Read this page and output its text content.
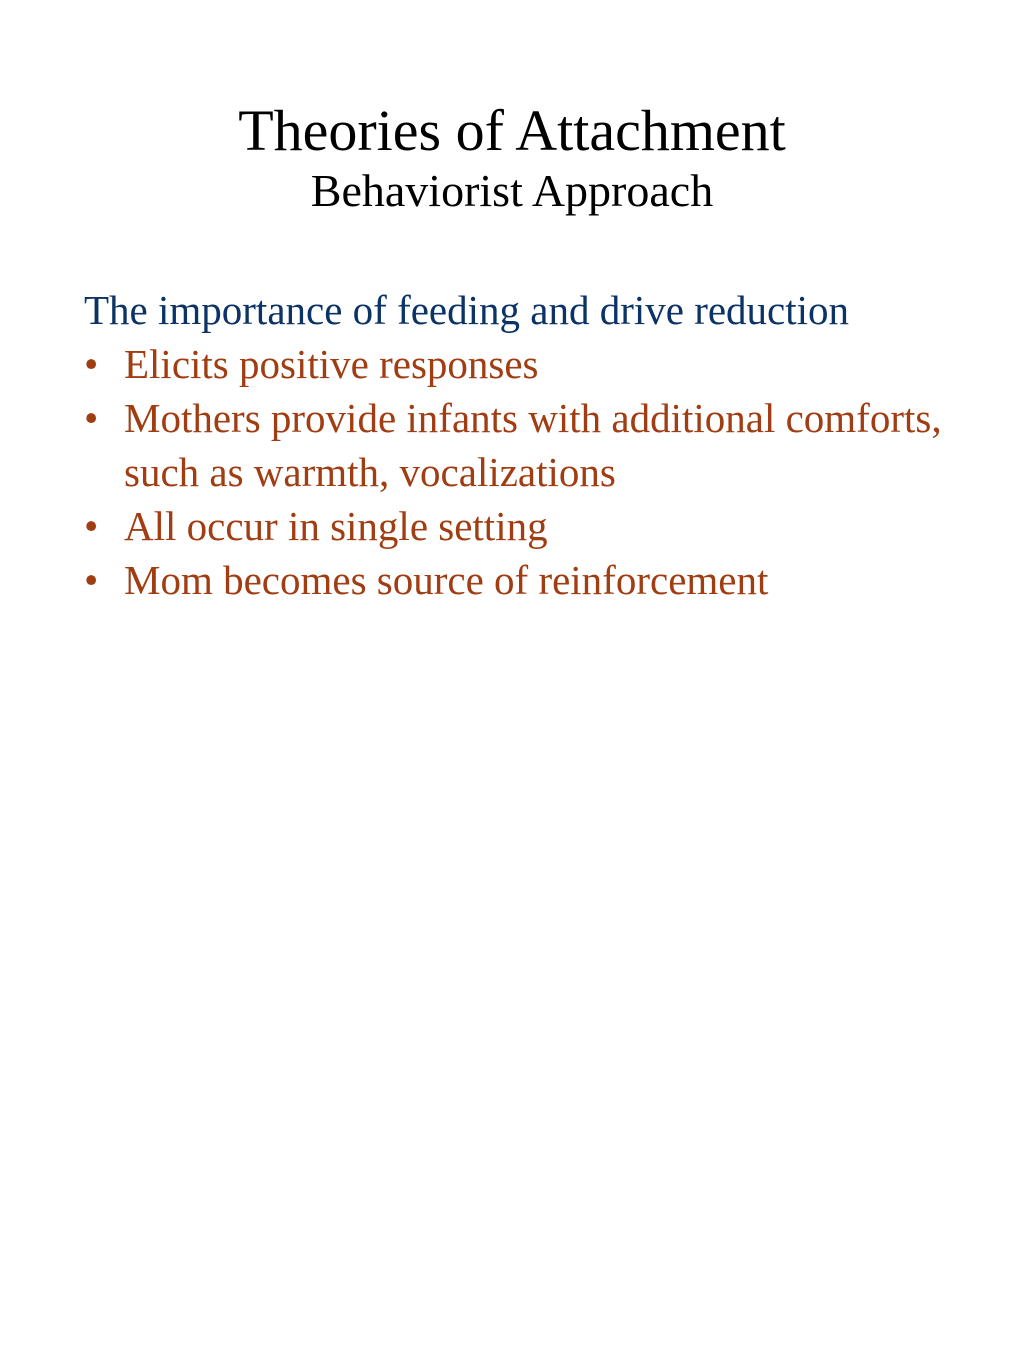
Theories of Attachment
Behaviorist Approach

The importance of feeding and drive reduction

• Elicits positive responses
• Mothers provide infants with additional comforts, such as warmth, vocalizations
• All occur in single setting
• Mom becomes source of reinforcement
